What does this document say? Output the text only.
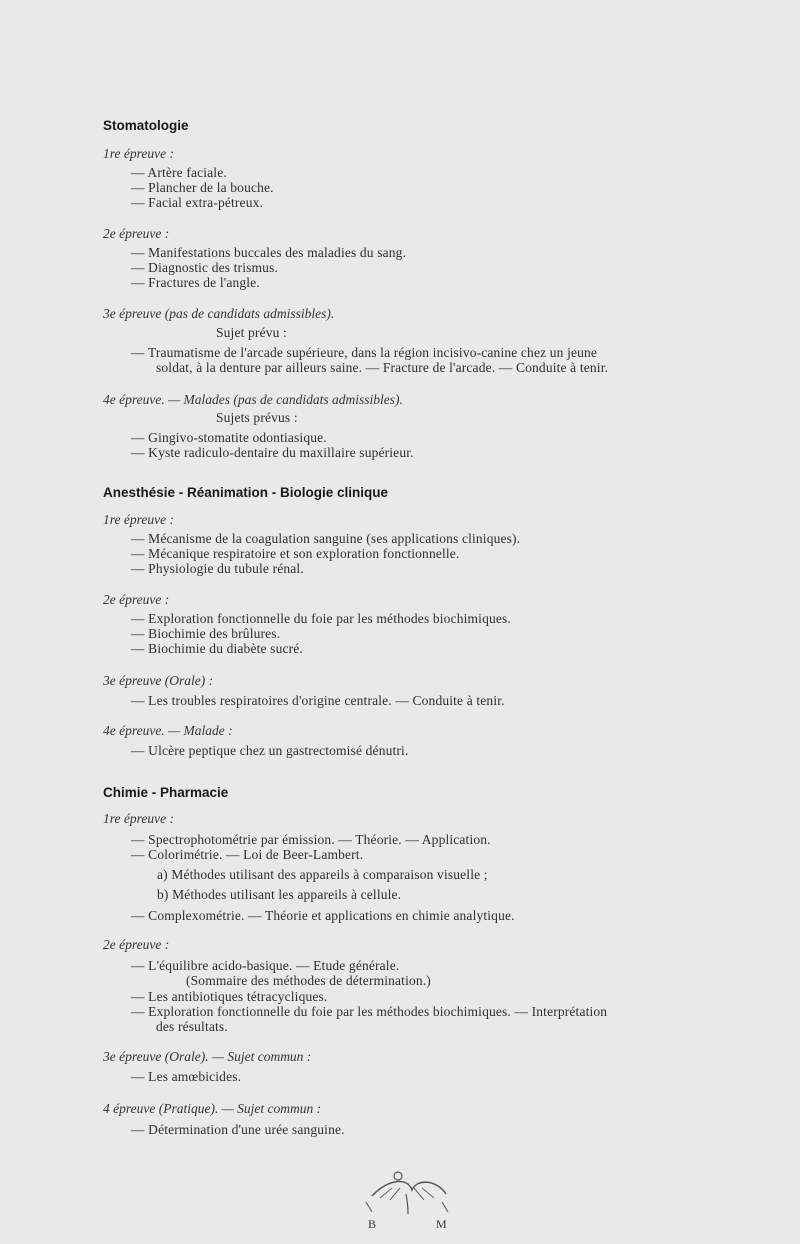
Stomatologie
1re épreuve :
— Artère faciale.
— Plancher de la bouche.
— Facial extra-pétreux.
2e épreuve :
— Manifestations buccales des maladies du sang.
— Diagnostic des trismus.
— Fractures de l'angle.
3e épreuve (pas de candidats admissibles).
Sujet prévu :
— Traumatisme de l'arcade supérieure, dans la région incisivo-canine chez un jeune
soldat, à la denture par ailleurs saine. — Fracture de l'arcade. — Conduite à tenir.
4e épreuve. — Malades (pas de candidats admissibles).
Sujets prévus :
— Gingivo-stomatite odontiasique.
— Kyste radiculo-dentaire du maxillaire supérieur.
Anesthésie - Réanimation - Biologie clinique
1re épreuve :
— Mécanisme de la coagulation sanguine (ses applications cliniques).
— Mécanique respiratoire et son exploration fonctionnelle.
— Physiologie du tubule rénal.
2e épreuve :
— Exploration fonctionnelle du foie par les méthodes biochimiques.
— Biochimie des brûlures.
— Biochimie du diabète sucré.
3e épreuve (Orale) :
— Les troubles respiratoires d'origine centrale. — Conduite à tenir.
4e épreuve. — Malade :
— Ulcère peptique chez un gastrectomisé dénutri.
Chimie - Pharmacie
1re épreuve :
— Spectrophotométrie par émission. — Théorie. — Application.
— Colorimétrie. — Loi de Beer-Lambert.
a) Méthodes utilisant des appareils à comparaison visuelle ;
b) Méthodes utilisant les appareils à cellule.
— Complexométrie. — Théorie et applications en chimie analytique.
2e épreuve :
— L'équilibre acido-basique. — Etude générale.
(Sommaire des méthodes de détermination.)
— Les antibiotiques tétracycliques.
— Exploration fonctionnelle du foie par les méthodes biochimiques. — Interprétation
des résultats.
3e épreuve (Orale). — Sujet commun :
— Les amœbicides.
4 épreuve (Pratique). — Sujet commun :
— Détermination d'une urée sanguine.
B     M
